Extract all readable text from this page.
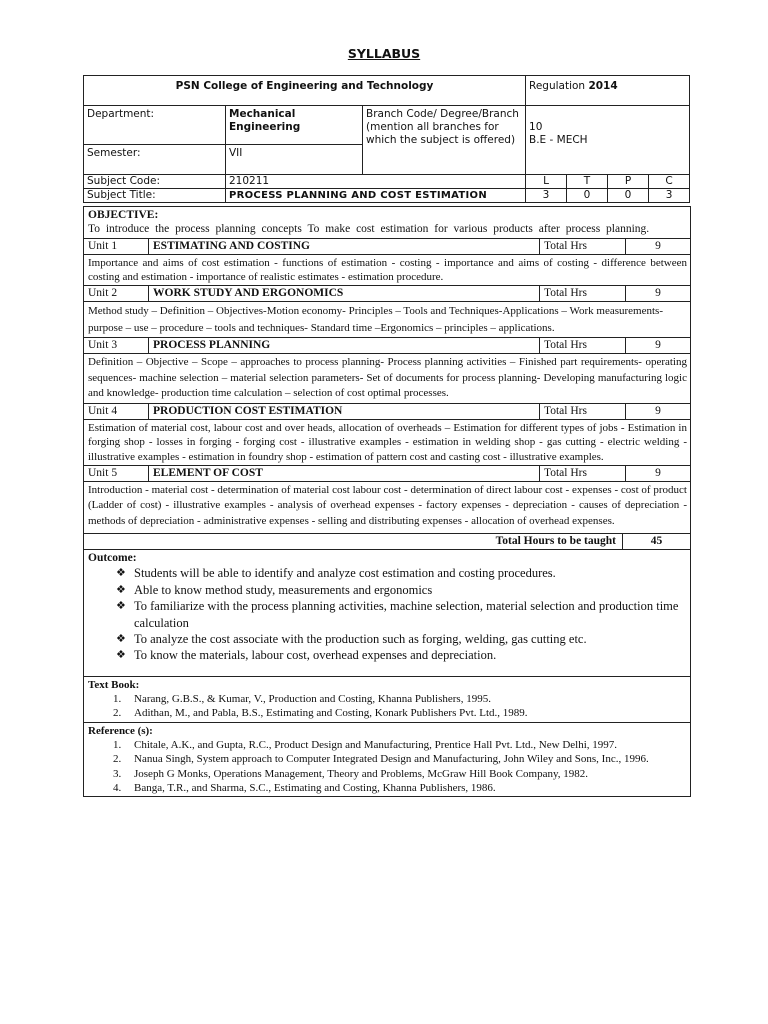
SYLLABUS
PSN College of Engineering and Technology			Regulation 2014			
Department:	Mechanical Engineering	Branch Code/ Degree/Branch (mention all branches for which the subject is offered)	10
B.E - MECH			

Semester:	VII					
Subject Code:	210211		L	T	P	C
Subject Title:	PROCESS PLANNING AND COST ESTIMATION		3	0	0	3
OBJECTIVE:
To introduce the process planning concepts To make cost estimation for various products after process planning.
Unit 1	ESTIMATING AND COSTING	Total Hrs	9
Importance and aims of cost estimation - functions of estimation - costing - importance and aims of costing - difference between costing and estimation - importance of realistic estimates - estimation procedure.
Unit 2	WORK STUDY AND ERGONOMICS	Total Hrs	9
Method study – Definition – Objectives-Motion economy- Principles – Tools and Techniques-Applications – Work measurements- purpose – use – procedure – tools and techniques- Standard time –Ergonomics – principles – applications.
Unit 3	PROCESS PLANNING	Total Hrs	9
Definition – Objective – Scope – approaches to process planning- Process planning activities – Finished part requirements- operating sequences- machine selection – material selection parameters- Set of documents for process planning- Developing manufacturing logic and knowledge- production time calculation – selection of cost optimal processes.
Unit 4	PRODUCTION COST ESTIMATION	Total Hrs	9
Estimation of material cost, labour cost and over heads, allocation of overheads – Estimation for different types of jobs - Estimation in forging shop - losses in forging - forging cost - illustrative examples - estimation in welding shop - gas cutting - electric welding - illustrative examples - estimation in foundry shop - estimation of pattern cost and casting cost - illustrative examples.
Unit 5	ELEMENT OF COST	Total Hrs	9
Introduction - material cost - determination of material cost labour cost - determination of direct labour cost - expenses - cost of product (Ladder of cost) - illustrative examples - analysis of overhead expenses - factory expenses - depreciation - causes of depreciation - methods of depreciation - administrative expenses - selling and distributing expenses - allocation of overhead expenses.
Total Hours to be taught	45
Outcome:
❖ Students will be able to identify and analyze cost estimation and costing procedures.
❖ Able to know method study, measurements and ergonomics
❖ To familiarize with the process planning activities, machine selection, material selection and production time calculation
❖ To analyze the cost associate with the production such as forging, welding, gas cutting etc.
❖ To know the materials, labour cost, overhead expenses and depreciation.
Text Book:
1. Narang, G.B.S., & Kumar, V., Production and Costing, Khanna Publishers, 1995.
2. Adithan, M., and Pabla, B.S., Estimating and Costing, Konark Publishers Pvt. Ltd., 1989.
Reference (s):
1. Chitale, A.K., and Gupta, R.C., Product Design and Manufacturing, Prentice Hall Pvt. Ltd., New Delhi, 1997.
2. Nanua Singh, System approach to Computer Integrated Design and Manufacturing, John Wiley and Sons, Inc., 1996.
3. Joseph G Monks, Operations Management, Theory and Problems, McGraw Hill Book Company, 1982.
4. Banga, T.R., and Sharma, S.C., Estimating and Costing, Khanna Publishers, 1986.
